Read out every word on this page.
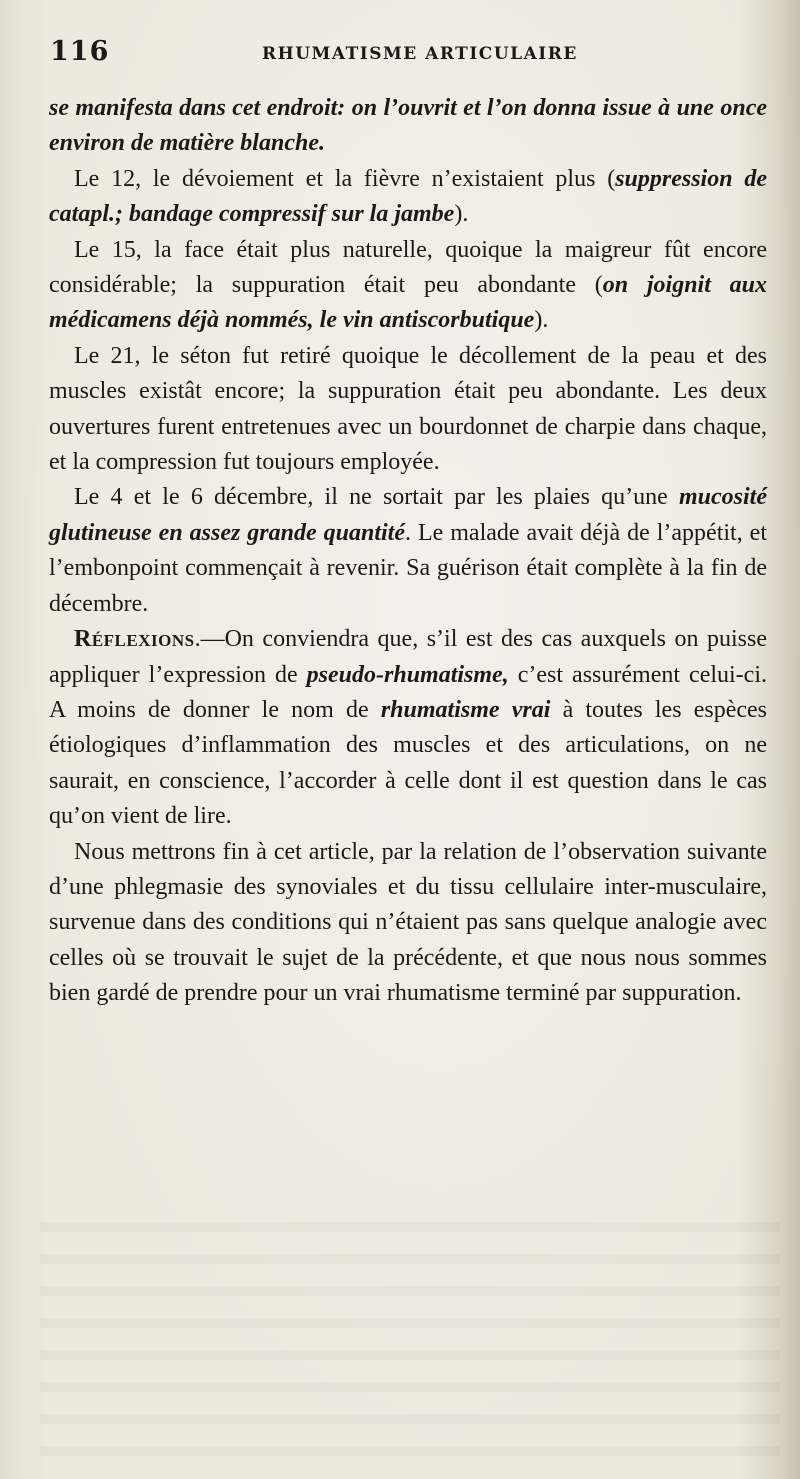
116	RHUMATISME ARTICULAIRE

se manifesta dans cet endroit: on l’ouvrit et l’on donna issue à une once environ de matière blanche.

Le 12, le dévoiement et la fièvre n’existaient plus (suppression de catapl.; bandage compressif sur la jambe).

Le 15, la face était plus naturelle, quoique la maigreur fût encore considérable; la suppuration était peu abondante (on joignit aux médicamens déjà nommés, le vin antiscorbutique).

Le 21, le séton fut retiré quoique le décollement de la peau et des muscles existât encore; la suppuration était peu abondante. Les deux ouvertures furent entretenues avec un bourdonnet de charpie dans chaque, et la compression fut toujours employée.

Le 4 et le 6 décembre, il ne sortait par les plaies qu’une mucosité glutineuse en assez grande quantité. Le malade avait déjà de l’appétit, et l’embonpoint commençait à revenir. Sa guérison était complète à la fin de décembre.

Réflexions.—On conviendra que, s’il est des cas auxquels on puisse appliquer l’expression de pseudo-rhumatisme, c’est assurément celui-ci. A moins de donner le nom de rhumatisme vrai à toutes les espèces étiologiques d’inflammation des muscles et des articulations, on ne saurait, en conscience, l’accorder à celle dont il est question dans le cas qu’on vient de lire.

Nous mettrons fin à cet article, par la relation de l’observation suivante d’une phlegmasie des synoviales et du tissu cellulaire inter-musculaire, survenue dans des conditions qui n’étaient pas sans quelque analogie avec celles où se trouvait le sujet de la précédente, et que nous nous sommes bien gardé de prendre pour un vrai rhumatisme terminé par suppuration.
